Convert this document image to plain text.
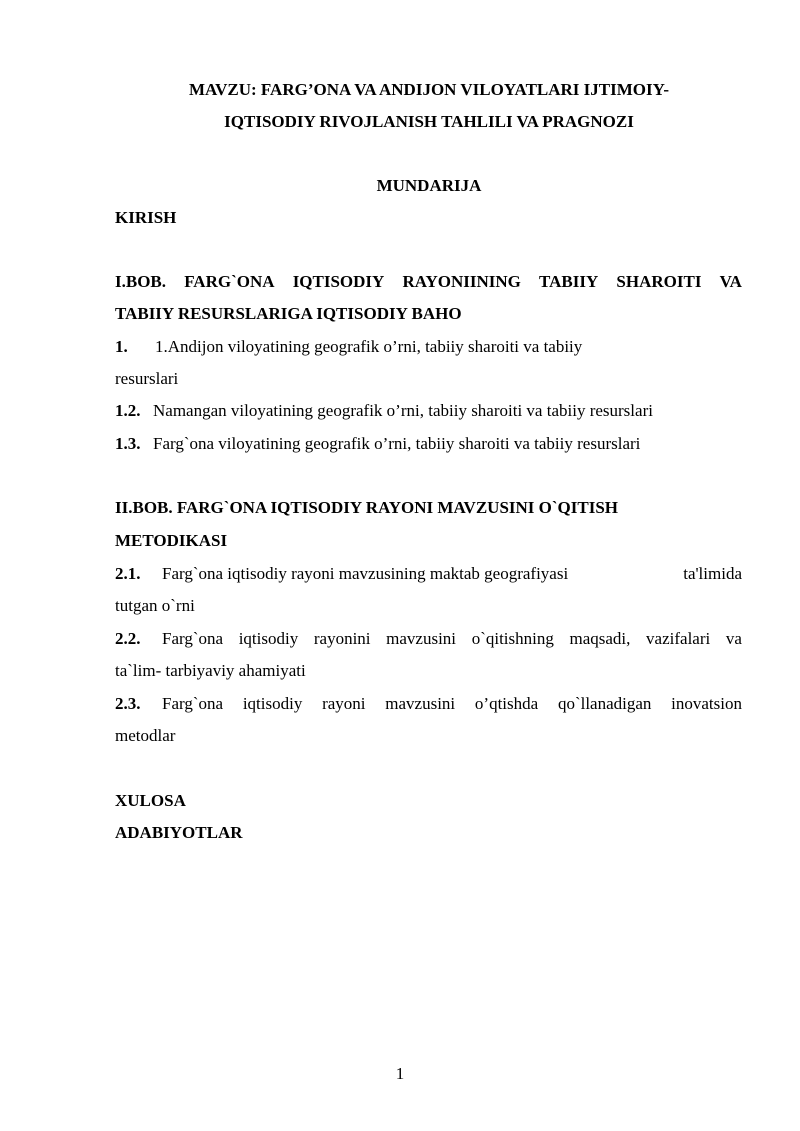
MAVZU: FARG’ONA VA ANDIJON VILOYATLARI IJTIMOIY-
IQTISODIY RIVOJLANISH TAHLILI VA PRAGNOZI
MUNDARIJA
KIRISH
I.BOB. FARG`ONA IQTISODIY RAYONIINING TABIIY SHAROITI VA
TABIIY RESURSLARIGA IQTISODIY BAHO
1. 1.Andijon viloyatining geografik o’rni, tabiiy sharoiti va tabiiy
resurslari
1.2. Namangan viloyatining geografik o’rni, tabiiy sharoiti va tabiiy resurslari
1.3. Farg`ona viloyatining geografik o’rni, tabiiy sharoiti va tabiiy resurslari
II.BOB. FARG`ONA IQTISODIY RAYONI MAVZUSINI O`QITISH
METODIKASI
2.1. Farg`ona iqtisodiy rayoni mavzusining maktab geografiyasi	ta'limida
tutgan o`rni
2.2. Farg`ona iqtisodiy rayonini mavzusini o`qitishning maqsadi, vazifalari va
ta`lim- tarbiyaviy ahamiyati
2.3. Farg`ona iqtisodiy rayoni mavzusini o’qtishda qo`llanadigan inovatsion
metodlar
XULOSA
ADABIYOTLAR
1
